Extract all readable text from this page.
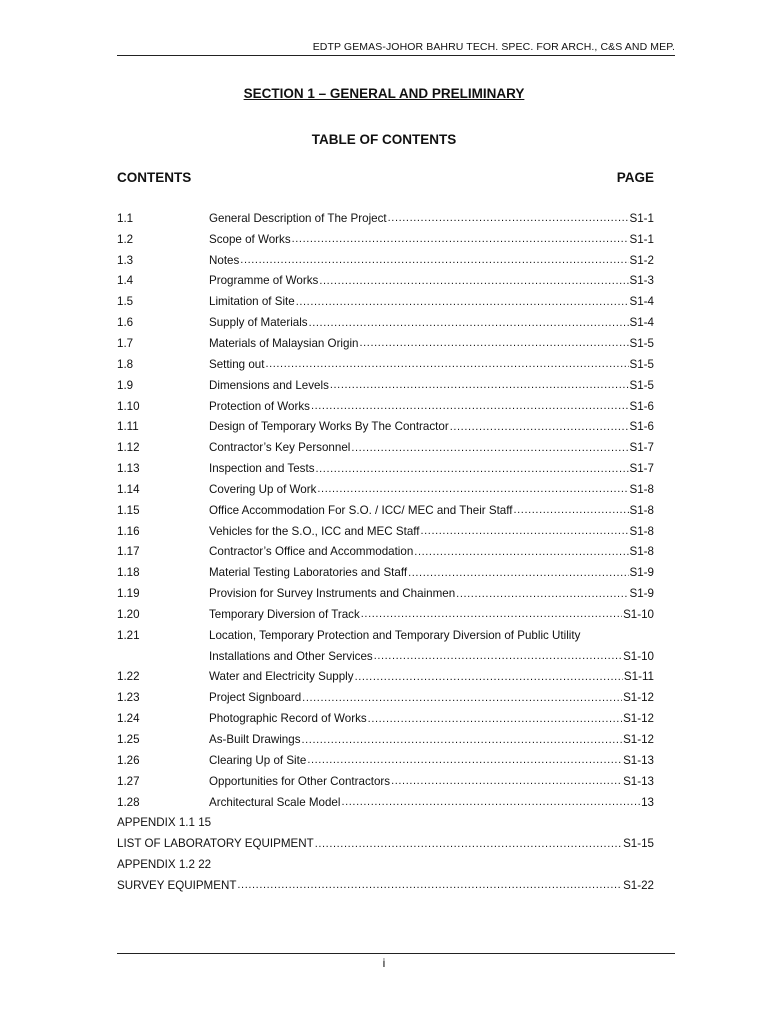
EDTP GEMAS-JOHOR BAHRU TECH. SPEC. FOR ARCH., C&S AND MEP.
SECTION 1 – GENERAL AND PRELIMINARY
TABLE OF CONTENTS
CONTENTS	PAGE
1.1	General Description of The Project .....	S1-1
1.2	Scope of Works .....	S1-1
1.3	Notes .....	S1-2
1.4	Programme of Works .....	S1-3
1.5	Limitation of Site .....	S1-4
1.6	Supply of Materials .....	S1-4
1.7	Materials of Malaysian Origin .....	S1-5
1.8	Setting out .....	S1-5
1.9	Dimensions and Levels .....	S1-5
1.10	Protection of Works .....	S1-6
1.11	Design of Temporary Works By The Contractor .....	S1-6
1.12	Contractor’s Key Personnel .....	S1-7
1.13	Inspection and Tests .....	S1-7
1.14	Covering Up of Work .....	S1-8
1.15	Office Accommodation For S.O. / ICC/ MEC and Their Staff .....	S1-8
1.16	Vehicles for the S.O., ICC and MEC Staff .....	S1-8
1.17	Contractor’s Office and Accommodation .....	S1-8
1.18	Material Testing Laboratories and Staff .....	S1-9
1.19	Provision for Survey Instruments and Chainmen .....	S1-9
1.20	Temporary Diversion of Track .....	S1-10
1.21	Location, Temporary Protection and Temporary Diversion of Public Utility
Installations and Other Services .....	S1-10
1.22	Water and Electricity Supply .....	S1-11
1.23	Project Signboard .....	S1-12
1.24	Photographic Record of Works .....	S1-12
1.25	As-Built Drawings .....	S1-12
1.26	Clearing Up of Site .....	S1-13
1.27	Opportunities for Other Contractors .....	S1-13
1.28	Architectural Scale Model .....	13
APPENDIX 1.1 15
LIST OF LABORATORY EQUIPMENT .....	S1-15
APPENDIX 1.2 22
SURVEY EQUIPMENT .....	S1-22
i
